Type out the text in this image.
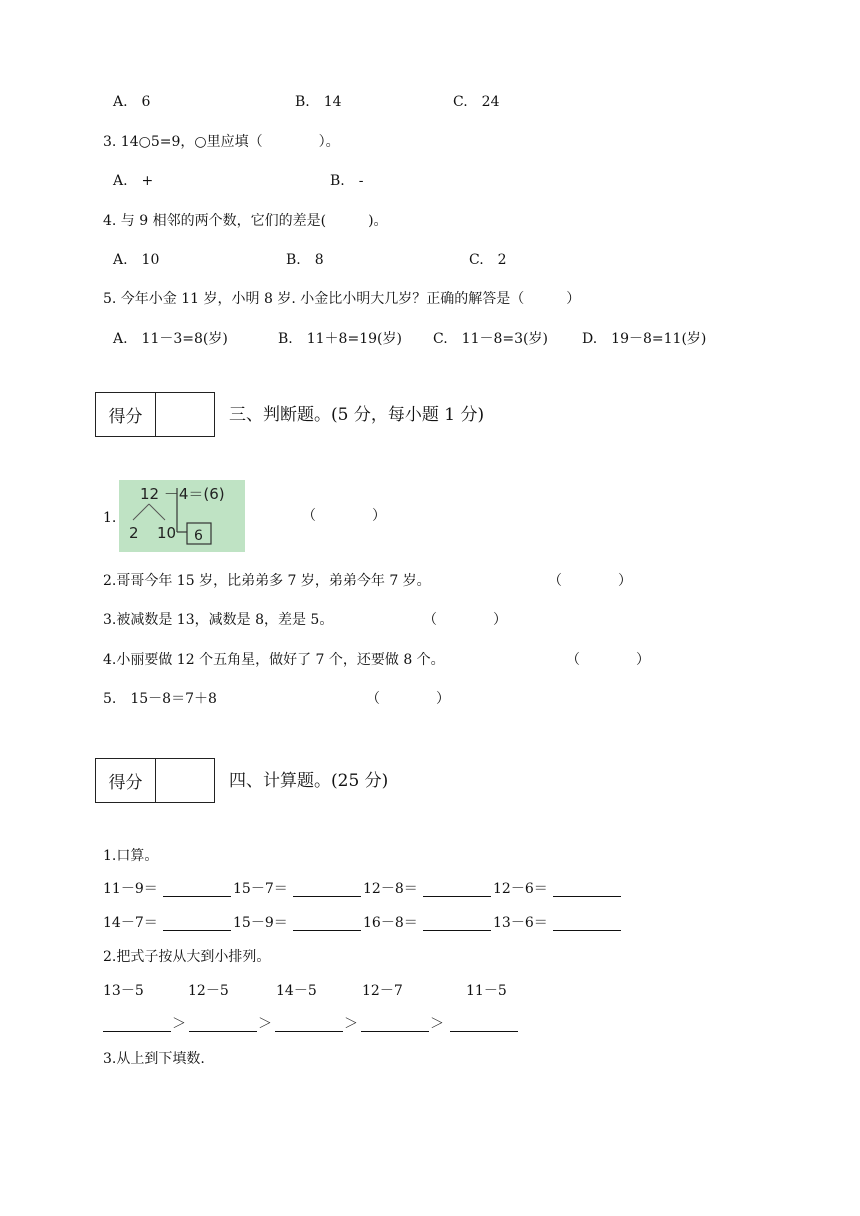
A.　6	B.　14	C.　24
3. 14○5=9，○里应填（　　　　）。
A.　+	B.　-
4. 与 9 相邻的两个数，它们的差是(　　　)。
A.　10	B.　8	C.　2
5. 今年小金 11 岁，小明 8 岁. 小金比小明大几岁？正确的解答是（　　　）
A.　11－3=8(岁)	B.　11＋8=19(岁) C.　11－8=3(岁) D.　19－8=11(岁)
得分	三、判断题。(5 分，每小题 1 分)
1.
12 －4＝(6)
2 10 6
（　　　　）
2.哥哥今年 15 岁，比弟弟多 7 岁，弟弟今年 7 岁。	（　　　　）
3.被减数是 13，减数是 8，差是 5。	（　　　　）
4.小丽要做 12 个五角星，做好了 7 个，还要做 8 个。	（　　　　）
5.　15－8＝7＋8	（　　　　）
得分	四、计算题。(25 分)
1.口算。
11－9＝	15－7＝	12－8＝	12－6＝
14－7＝	15－9＝	16－8＝	13－6＝
2.把式子按从大到小排列。
13－5	12－5	14－5	12－7	11－5
＞	＞	＞	＞
3.从上到下填数.
